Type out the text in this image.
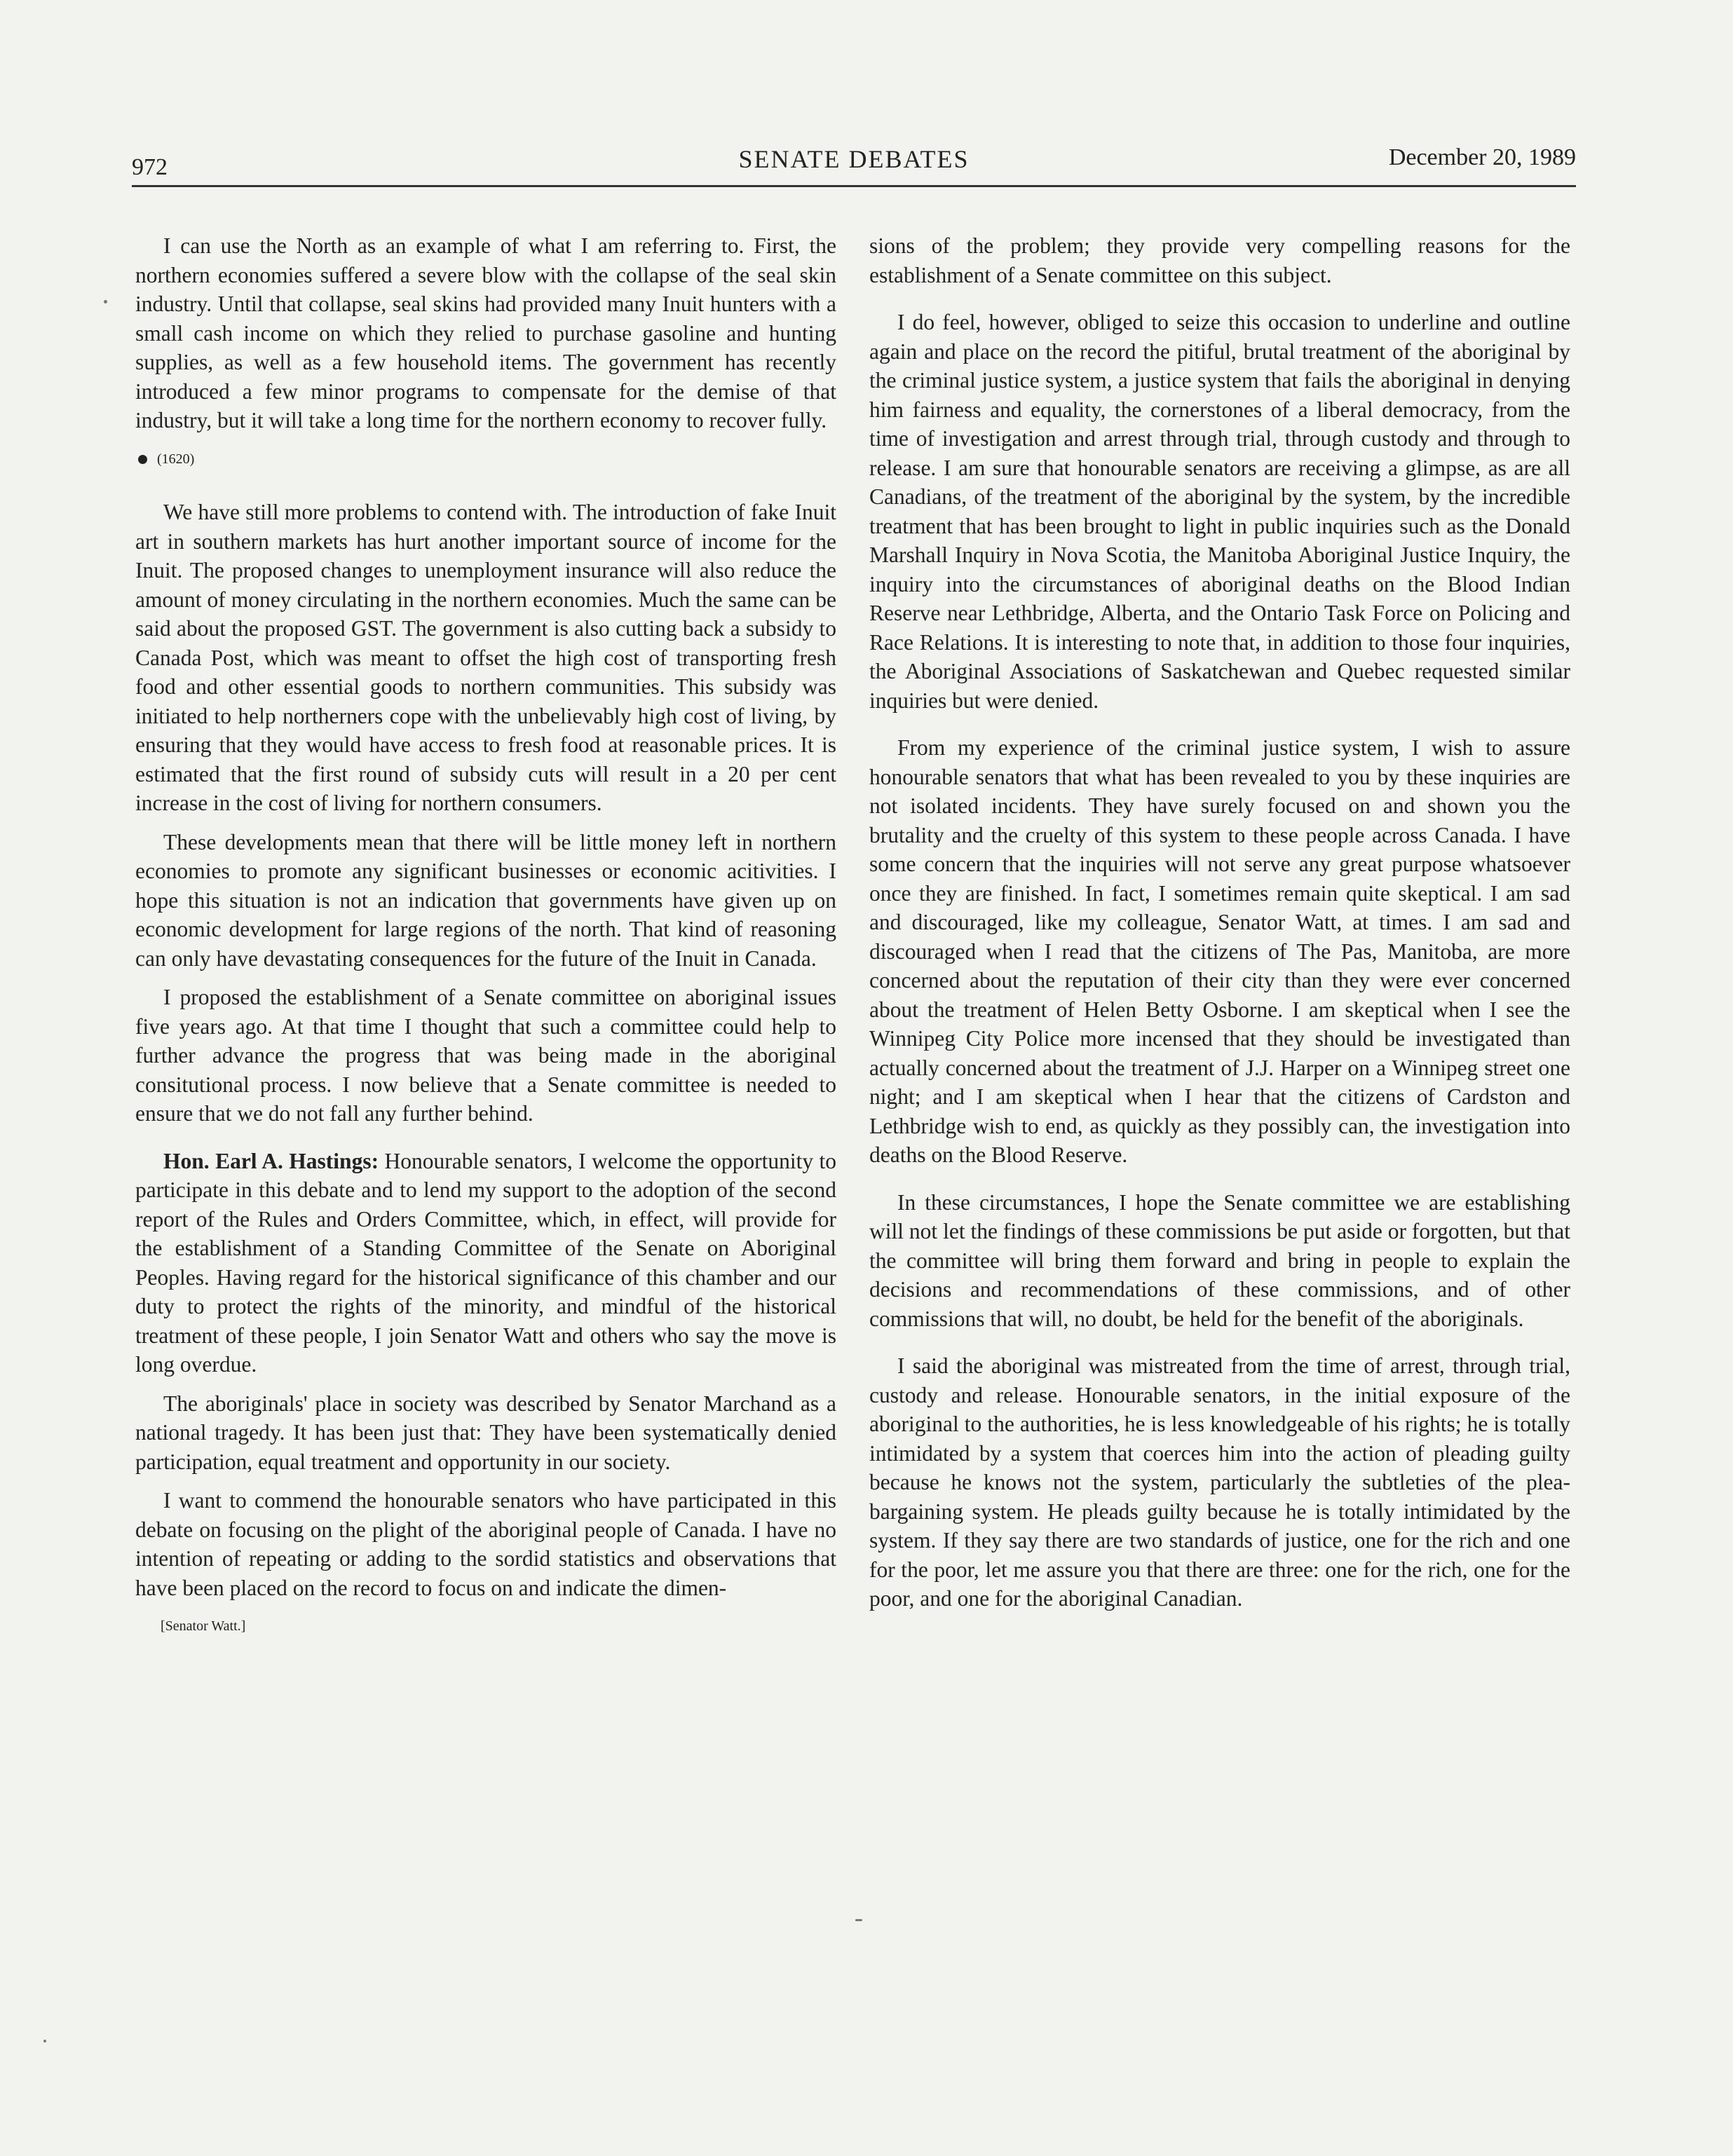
972	SENATE DEBATES	December 20, 1989

I can use the North as an example of what I am referring to. First, the northern economies suffered a severe blow with the collapse of the seal skin industry. Until that collapse, seal skins had provided many Inuit hunters with a small cash income on which they relied to purchase gasoline and hunting supplies, as well as a few household items. The government has recently introduced a few minor programs to compensate for the demise of that industry, but it will take a long time for the northern economy to recover fully.

(1620)

We have still more problems to contend with. The introduction of fake Inuit art in southern markets has hurt another important source of income for the Inuit. The proposed changes to unemployment insurance will also reduce the amount of money circulating in the northern economies. Much the same can be said about the proposed GST. The government is also cutting back a subsidy to Canada Post, which was meant to offset the high cost of transporting fresh food and other essential goods to northern communities. This subsidy was initiated to help northerners cope with the unbelievably high cost of living, by ensuring that they would have access to fresh food at reasonable prices. It is estimated that the first round of subsidy cuts will result in a 20 per cent increase in the cost of living for northern consumers.

These developments mean that there will be little money left in northern economies to promote any significant businesses or economic acitivities. I hope this situation is not an indication that governments have given up on economic development for large regions of the north. That kind of reasoning can only have devastating consequences for the future of the Inuit in Canada.

I proposed the establishment of a Senate committee on aboriginal issues five years ago. At that time I thought that such a committee could help to further advance the progress that was being made in the aboriginal consitutional process. I now believe that a Senate committee is needed to ensure that we do not fall any further behind.

Hon. Earl A. Hastings: Honourable senators, I welcome the opportunity to participate in this debate and to lend my support to the adoption of the second report of the Rules and Orders Committee, which, in effect, will provide for the establishment of a Standing Committee of the Senate on Aboriginal Peoples. Having regard for the historical significance of this chamber and our duty to protect the rights of the minority, and mindful of the historical treatment of these people, I join Senator Watt and others who say the move is long overdue.

The aboriginals' place in society was described by Senator Marchand as a national tragedy. It has been just that: They have been systematically denied participation, equal treatment and opportunity in our society.

I want to commend the honourable senators who have participated in this debate on focusing on the plight of the aboriginal people of Canada. I have no intention of repeating or adding to the sordid statistics and observations that have been placed on the record to focus on and indicate the dimen-

[Senator Watt.]

sions of the problem; they provide very compelling reasons for the establishment of a Senate committee on this subject.

I do feel, however, obliged to seize this occasion to underline and outline again and place on the record the pitiful, brutal treatment of the aboriginal by the criminal justice system, a justice system that fails the aboriginal in denying him fairness and equality, the cornerstones of a liberal democracy, from the time of investigation and arrest through trial, through custody and through to release. I am sure that honourable senators are receiving a glimpse, as are all Canadians, of the treatment of the aboriginal by the system, by the incredible treatment that has been brought to light in public inquiries such as the Donald Marshall Inquiry in Nova Scotia, the Manitoba Aboriginal Justice Inquiry, the inquiry into the circumstances of aboriginal deaths on the Blood Indian Reserve near Lethbridge, Alberta, and the Ontario Task Force on Policing and Race Relations. It is interesting to note that, in addition to those four inquiries, the Aboriginal Associations of Saskatchewan and Quebec requested similar inquiries but were denied.

From my experience of the criminal justice system, I wish to assure honourable senators that what has been revealed to you by these inquiries are not isolated incidents. They have surely focused on and shown you the brutality and the cruelty of this system to these people across Canada. I have some concern that the inquiries will not serve any great purpose whatsoever once they are finished. In fact, I sometimes remain quite skeptical. I am sad and discouraged, like my colleague, Senator Watt, at times. I am sad and discouraged when I read that the citizens of The Pas, Manitoba, are more concerned about the reputation of their city than they were ever concerned about the treatment of Helen Betty Osborne. I am skeptical when I see the Winnipeg City Police more incensed that they should be investigated than actually concerned about the treatment of J.J. Harper on a Winnipeg street one night; and I am skeptical when I hear that the citizens of Cardston and Lethbridge wish to end, as quickly as they possibly can, the investigation into deaths on the Blood Reserve.

In these circumstances, I hope the Senate committee we are establishing will not let the findings of these commissions be put aside or forgotten, but that the committee will bring them forward and bring in people to explain the decisions and recommendations of these commissions, and of other commissions that will, no doubt, be held for the benefit of the aboriginals.

I said the aboriginal was mistreated from the time of arrest, through trial, custody and release. Honourable senators, in the initial exposure of the aboriginal to the authorities, he is less knowledgeable of his rights; he is totally intimidated by a system that coerces him into the action of pleading guilty because he knows not the system, particularly the subtleties of the plea-bargaining system. He pleads guilty because he is totally intimidated by the system. If they say there are two standards of justice, one for the rich and one for the poor, let me assure you that there are three: one for the rich, one for the poor, and one for the aboriginal Canadian.
